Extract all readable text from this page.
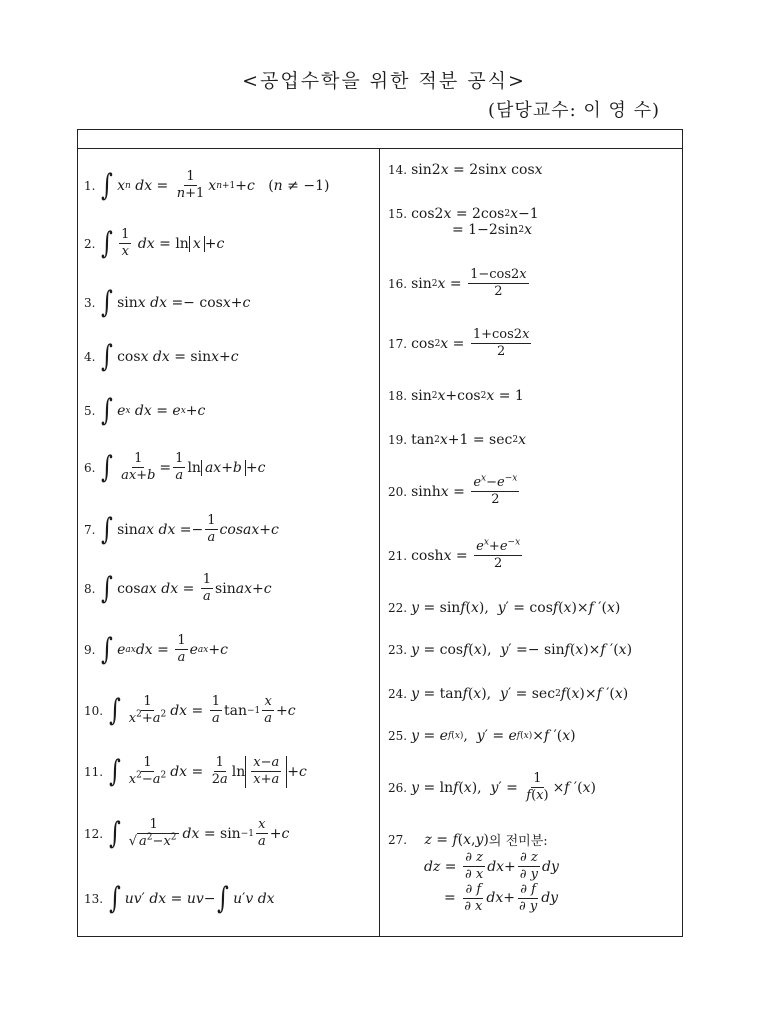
<공업수학을 위한 적분 공식>
(담당교수: 이 영 수)
1. ∫ x n
dx =
1
n+1 x n+1 + c ( n ≠ −1)
2. ∫ 1
x
dx = ln x + c
3. ∫ sin x
dx =− cos x + c
4. ∫ cos x
dx = sin x + c
5. ∫ e x
dx = e x + c
6. ∫ 1
ax+b =
1
a ln ax+b + c
7. ∫ sin ax
dx =−
1
a cosax + c
8. ∫ cos ax
dx =
1
a sin ax + c
9. ∫ e ax dx =
1
a e ax + c
10. ∫ 1
$x^2+a^2$ dx =
1
a tan −1
x
a + c
11. ∫ 1
$x^2-a^2$ dx =
1
2a $\ln \frac{x-a}{x+a} + c$
12. ∫ 1
√ $a^2-x^2$ dx = sin −1
x
a + c
13. ∫ uv ′ dx = uv − ∫ u ′ v
dx
14. sin2 x = 2sin x cos x
15. cos2 x = 2cos 2 x −1
= 1−2sin 2 x
16. sin 2 x =
1−cos2x
2
17. cos 2 x =
1+cos2x
2
18. sin 2 x +cos 2 x = 1
19. tan 2 x +1 = sec 2 x
20. sinh x =
$e^x-e^{-x}$
2
21. cosh x =
$e^x+e^{-x}$
2
22. y = sin f ( x ), y ′ = cos f ( x )× f ′( x )
23. y = cos f ( x ), y ′ =− sin f ( x )× f ′( x )
24. y = tan f ( x ), y ′ = sec 2 f ( x )× f ′( x )
25. y = e f(x) , y ′ = e f(x) × f ′( x )
26. y = ln f ( x ), y ′ =
1
f(x) × f ′( x )
27.
z = f ( x , y ) 의 전미분:
dz =
∂ z
∂ x dx +
∂ z
∂ y dy
=
∂ f
∂ x dx +
∂ f
∂ y dy
